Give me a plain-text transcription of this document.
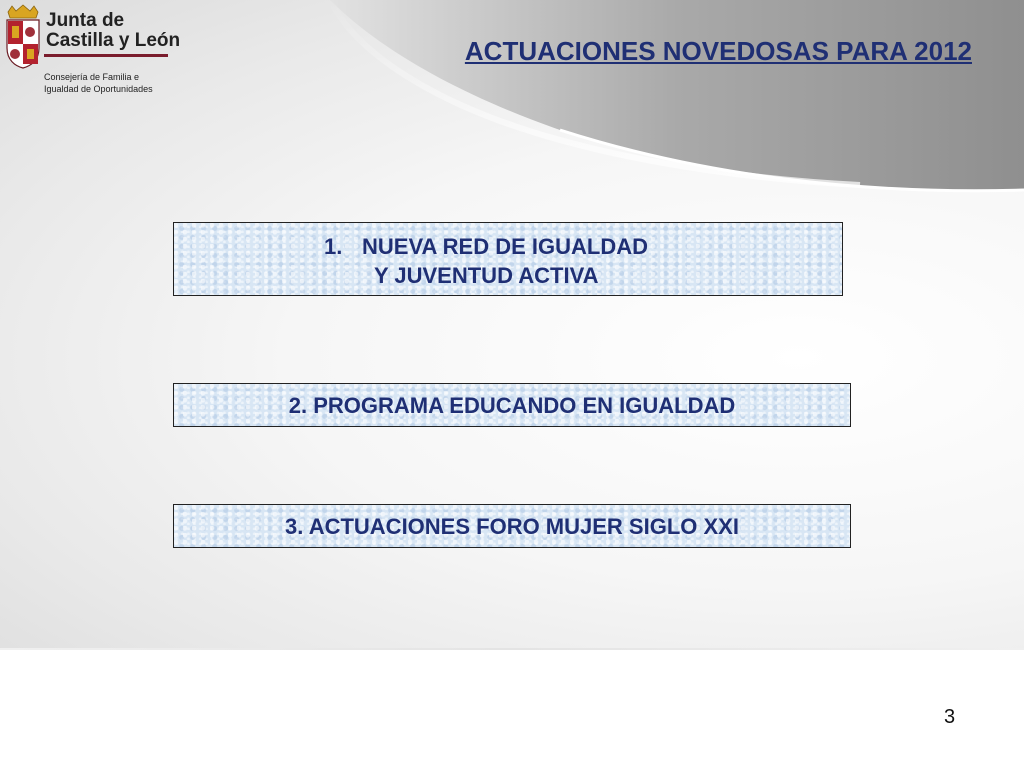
Junta de
Castilla y León
Consejería de Familia e
Igualdad de Oportunidades
ACTUACIONES NOVEDOSAS PARA 2012
1. NUEVA RED DE IGUALDAD
Y JUVENTUD ACTIVA
2. PROGRAMA EDUCANDO EN IGUALDAD
3. ACTUACIONES FORO MUJER SIGLO XXI
3
